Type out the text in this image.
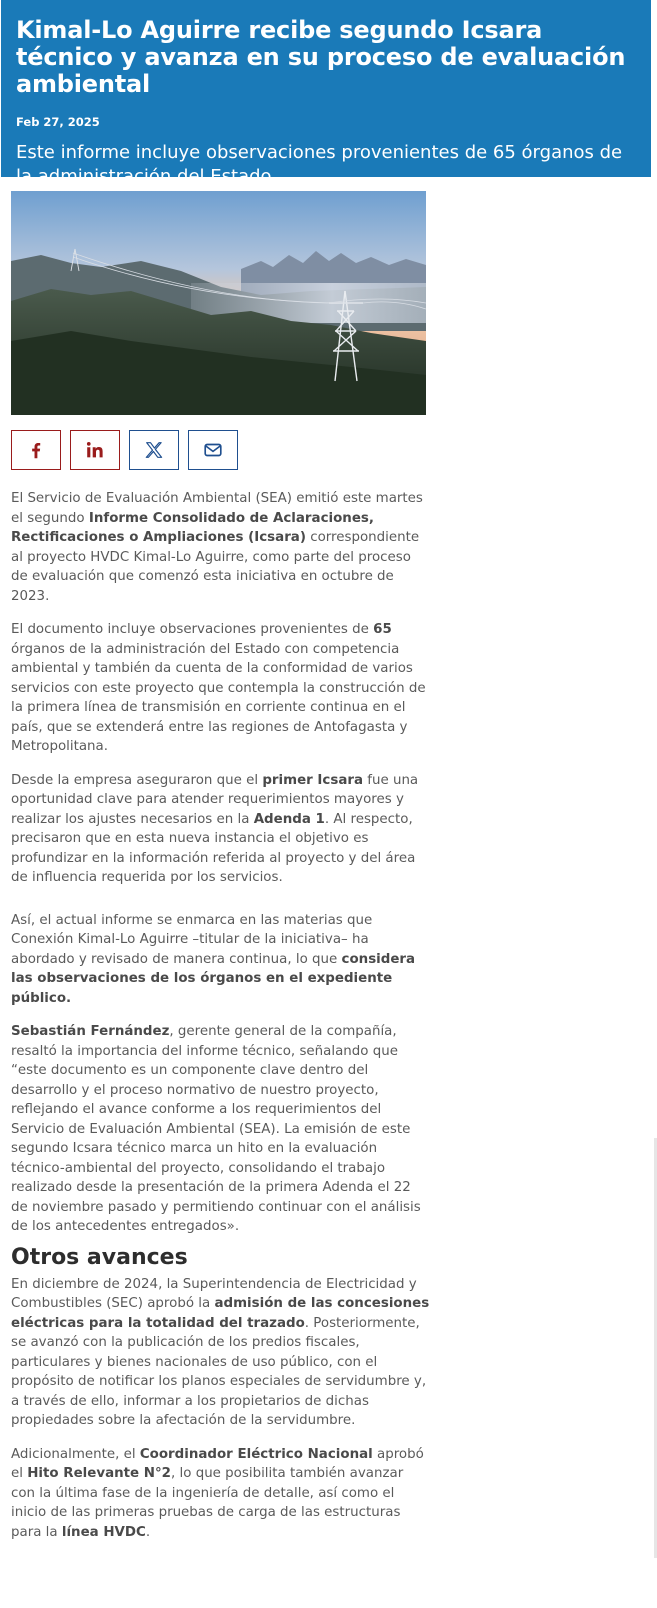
Kimal-Lo Aguirre recibe segundo Icsara técnico y avanza en su proceso de evaluación ambiental
Feb 27, 2025
Este informe incluye observaciones provenientes de 65 órganos de la administración del Estado.

El Servicio de Evaluación Ambiental (SEA) emitió este martes el segundo Informe Consolidado de Aclaraciones, Rectificaciones o Ampliaciones (Icsara) correspondiente al proyecto HVDC Kimal-Lo Aguirre, como parte del proceso de evaluación que comenzó esta iniciativa en octubre de 2023.

El documento incluye observaciones provenientes de 65 órganos de la administración del Estado con competencia ambiental y también da cuenta de la conformidad de varios servicios con este proyecto que contempla la construcción de la primera línea de transmisión en corriente continua en el país, que se extenderá entre las regiones de Antofagasta y Metropolitana.

Desde la empresa aseguraron que el primer Icsara fue una oportunidad clave para atender requerimientos mayores y realizar los ajustes necesarios en la Adenda 1. Al respecto, precisaron que en esta nueva instancia el objetivo es profundizar en la información referida al proyecto y del área de influencia requerida por los servicios.

Así, el actual informe se enmarca en las materias que Conexión Kimal-Lo Aguirre –titular de la iniciativa– ha abordado y revisado de manera continua, lo que considera las observaciones de los órganos en el expediente público.

Sebastián Fernández, gerente general de la compañía, resaltó la importancia del informe técnico, señalando que “este documento es un componente clave dentro del desarrollo y el proceso normativo de nuestro proyecto, reflejando el avance conforme a los requerimientos del Servicio de Evaluación Ambiental (SEA). La emisión de este segundo Icsara técnico marca un hito en la evaluación técnico-ambiental del proyecto, consolidando el trabajo realizado desde la presentación de la primera Adenda el 22 de noviembre pasado y permitiendo continuar con el análisis de los antecedentes entregados».

Otros avances

En diciembre de 2024, la Superintendencia de Electricidad y Combustibles (SEC) aprobó la admisión de las concesiones eléctricas para la totalidad del trazado. Posteriormente, se avanzó con la publicación de los predios fiscales, particulares y bienes nacionales de uso público, con el propósito de notificar los planos especiales de servidumbre y, a través de ello, informar a los propietarios de dichas propiedades sobre la afectación de la servidumbre.

Adicionalmente, el Coordinador Eléctrico Nacional aprobó el Hito Relevante N°2, lo que posibilita también avanzar con la última fase de la ingeniería de detalle, así como el inicio de las primeras pruebas de carga de las estructuras para la línea HVDC.
